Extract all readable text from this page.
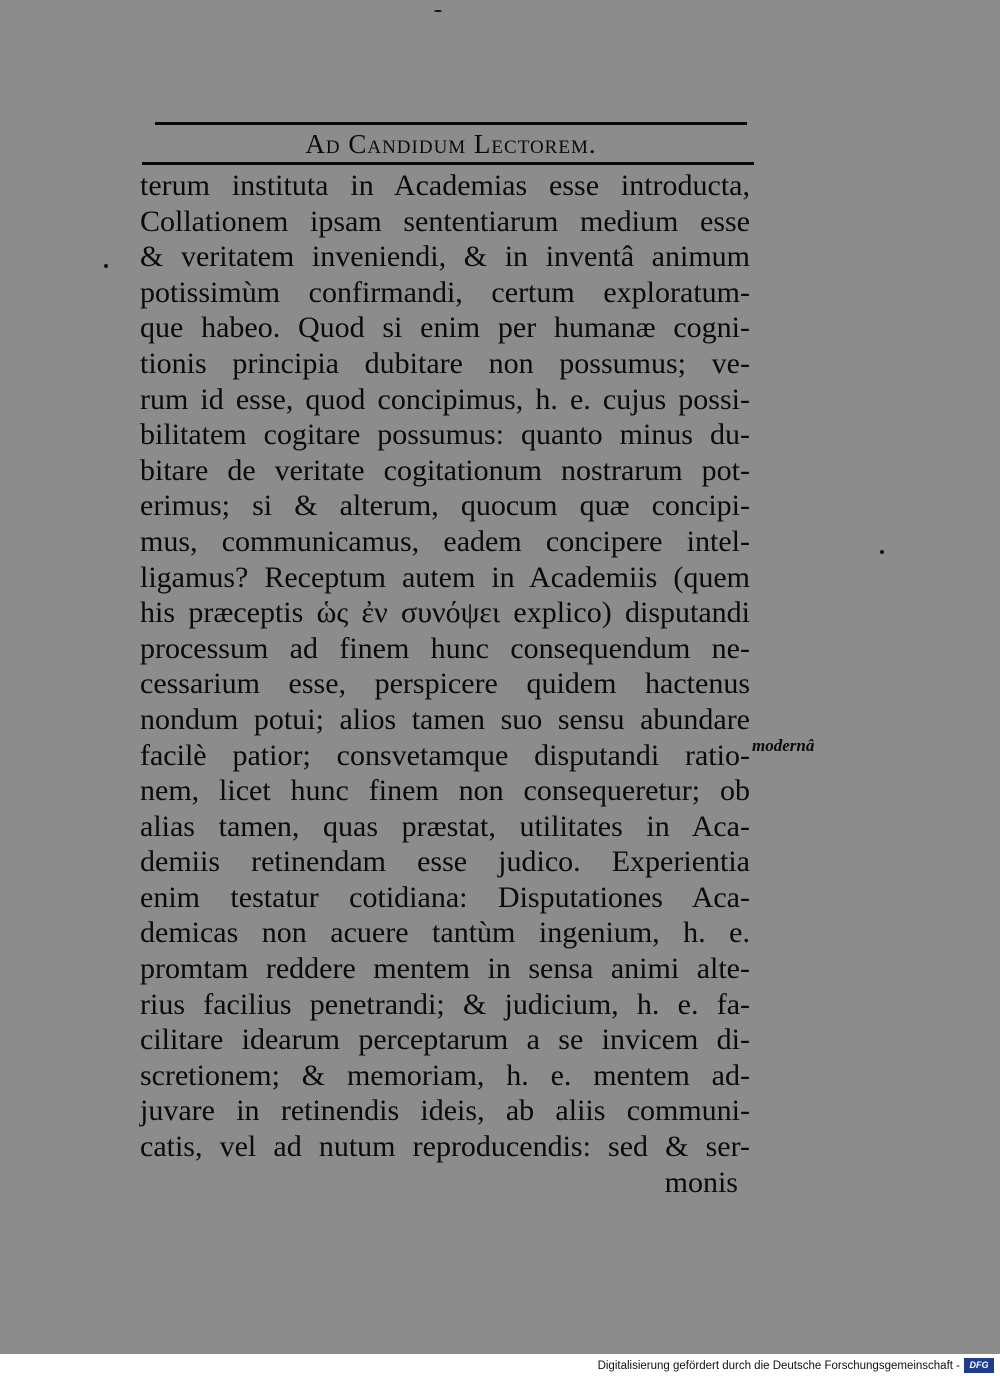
Ad Candidum Lectorem.
terum instituta in Academias esse introducta,
Collationem ipsam sententiarum medium esse
& veritatem inveniendi, & in inventâ animum
potissimùm confirmandi, certum exploratum-
que habeo. Quod si enim per humanæ cogni-
tionis principia dubitare non possumus; ve-
rum id esse, quod concipimus, h. e. cujus possi-
bilitatem cogitare possumus: quanto minus du-
bitare de veritate cogitationum nostrarum pot-
erimus; si & alterum, quocum quæ concipi-
mus, communicamus, eadem concipere intel-
ligamus? Receptum autem in Academiis (quem
his præceptis ὡς ἐν συνόψει explico) disputandi
processum ad finem hunc consequendum ne-
cessarium esse, perspicere quidem hactenus
nondum potui; alios tamen suo sensu abundare
facilè patior; consvetamque disputandi ratio-
nem, licet hunc finem non consequeretur; ob
alias tamen, quas præstat, utilitates in Aca-
demiis retinendam esse judico. Experientia
enim testatur cotidiana: Disputationes Aca-
demicas non acuere tantùm ingenium, h. e.
promtam reddere mentem in sensa animi alte-
rius facilius penetrandi; & judicium, h. e. fa-
cilitare idearum perceptarum a se invicem di-
scretionem; & memoriam, h. e. mentem ad-
juvare in retinendis ideis, ab aliis communi-
catis, vel ad nutum reproducendis: sed & ser-
monis
modernâ
Digitalisierung gefördert durch die Deutsche Forschungsgemeinschaft -	DFG
